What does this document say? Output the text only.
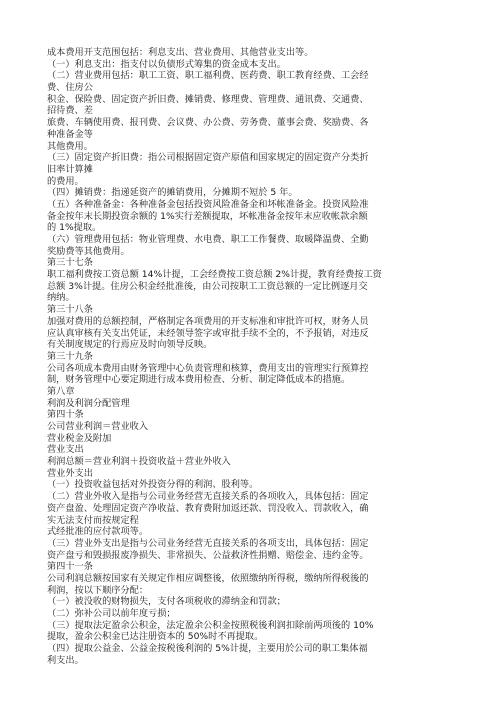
成本费用开支范围包括：利息支出、营业费用、其他营业支出等。
（一）利息支出：指支付以负债形式筹集的资金成本支出。
（二）营业费用包括：职工工资、职工福利费、医药费、职工教育经费、工会经
费、住房公
积金、保险费、固定资产折旧费、摊销费、修理费、管理费、通讯费、交通费、
招待费、差
旅费、车辆使用费、报刊费、会议费、办公费、劳务费、董事会费、奖励费、各
种准备金等
其他费用。
（三）固定资产折旧费：指公司根据固定资产原值和国家规定的固定资产分类折
旧率计算摊
的费用。
（四）摊销费：指递延资产的摊销费用，分摊期不短於 5 年。
（五）各种准备金：各种准备金包括投资风险准备金和坏帐准备金。投资风险准
备金按年末长期投资余额的 1%实行差额提取，坏帐准备金按年末应收帐款余额
的 1%提取。
（六）管理费用包括：物业管理费、水电费、职工工作餐费、取暖降温费、全勤
奖励费等其他费用。
第三十七条
职工福利费按工资总额 14%计提，工会经费按工资总额 2%计提，教育经费按工资
总额 3%计提。住房公积金经批准後，由公司按职工工资总额的一定比例逐月交
纳纳。
第三十八条
加强对费用的总额控制，严格制定各项费用的开支标准和审批许可权，财务人员
应认真审核有关支出凭证，未经领导签字或审批手续不全的，不予报销，对违反
有关制度规定的行焉应及时向领导反映。
第三十九条
公司各项成本费用由财务管理中心负责管理和核算，费用支出的管理实行预算控
制，财务管理中心要定期进行成本费用检查、分析、制定降低成本的措施。
第八章
利润及利润分配管理
第四十条
公司营业利润＝营业收入
营业税金及附加
营业支出
利润总额＝营业利润＋投资收益＋营业外收入
营业外支出
（一）投资收益包括对外投资分得的利润、股利等。
（二）营业外收入是指与公司业务经营无直接关系的各项收入，具体包括：固定
资产盘盈、处理固定资产净收益、教育费附加返还款、罚没收入、罚款收入，确
实无法支付而按规定程
式经批准的应付款项等。
（三）营业外支出是指与公司业务经营无直接关系的各项支出，具体包括：固定
资产盘亏和毁损报废净损失、非常损失、公益救济性捐赠、赔偿金、违约金等。
第四十一条
公司利润总额按国家有关规定作相应调整後，依照缴纳所得税，缴纳所得税後的
利润，按以下顺序分配：
（一）被没收的财物损失，支付各项税收的滞纳金和罚款；
（二）弥补公司以前年度亏损；
（三）提取法定盈余公积金，法定盈余公积金按照税後利润扣除前两项後的 10%
提取，盈余公积金已达注册资本的 50%时不再提取。
（四）提取公益金、公益金按税後利润的 5%计提，主要用於公司的职工集体福
利支出。
